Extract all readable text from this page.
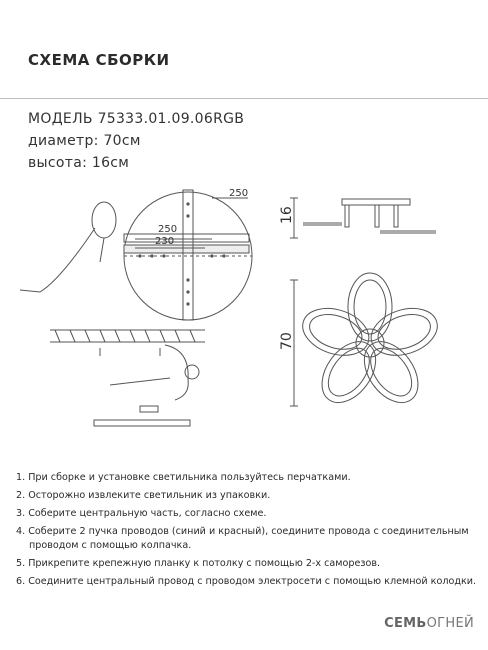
СХЕМА СБОРКИ
МОДЕЛЬ 75333.01.09.06RGB
диаметр: 70см
высота: 16см
250
250
230
16
70
1. При сборке и установке светильника пользуйтесь перчатками.
2. Осторожно извлеките светильник из упаковки.
3. Соберите центральную часть, согласно схеме.
4. Соберите 2 пучка проводов (синий и красный), соедините провода с соединительным
проводом с помощью колпачка.
5. Прикрепите крепежную планку к потолку с помощью 2-х саморезов.
6. Соедините центральный провод с проводом электросети с помощью клемной колодки.
СЕМЬОГНЕЙ
